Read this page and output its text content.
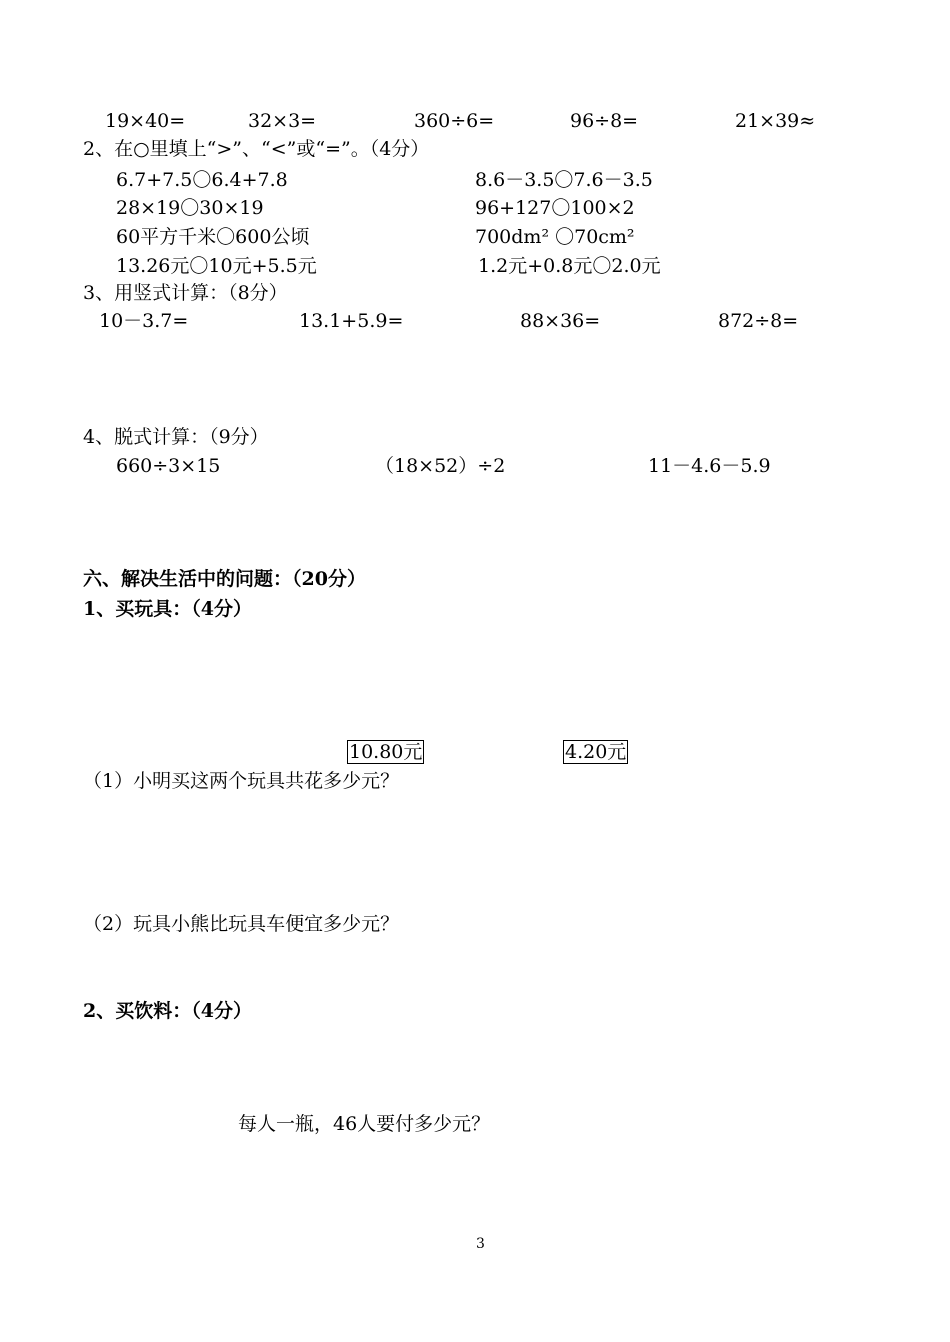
19×40=	32×3=	360÷6=	96÷8=	21×39≈
2、在○里填上“>”、“<”或“=”。（4分）
6.7+7.5〇6.4+7.8	8.6－3.5〇7.6－3.5
28×19〇30×19	96+127〇100×2
60平方千米〇600公顷	700dm² 〇70cm²
13.26元〇10元+5.5元	1.2元+0.8元〇2.0元
3、用竖式计算：（8分）
10－3.7=	13.1+5.9=	88×36=	872÷8=
4、脱式计算：（9分）
660÷3×15	（18×52）÷2	11－4.6－5.9
六、解决生活中的问题：（20分）
1、买玩具：（4分）
10.80元	4.20元
（1）小明买这两个玩具共花多少元？
（2）玩具小熊比玩具车便宜多少元？
2、买饮料：（4分）
每人一瓶，46人要付多少元？
3
